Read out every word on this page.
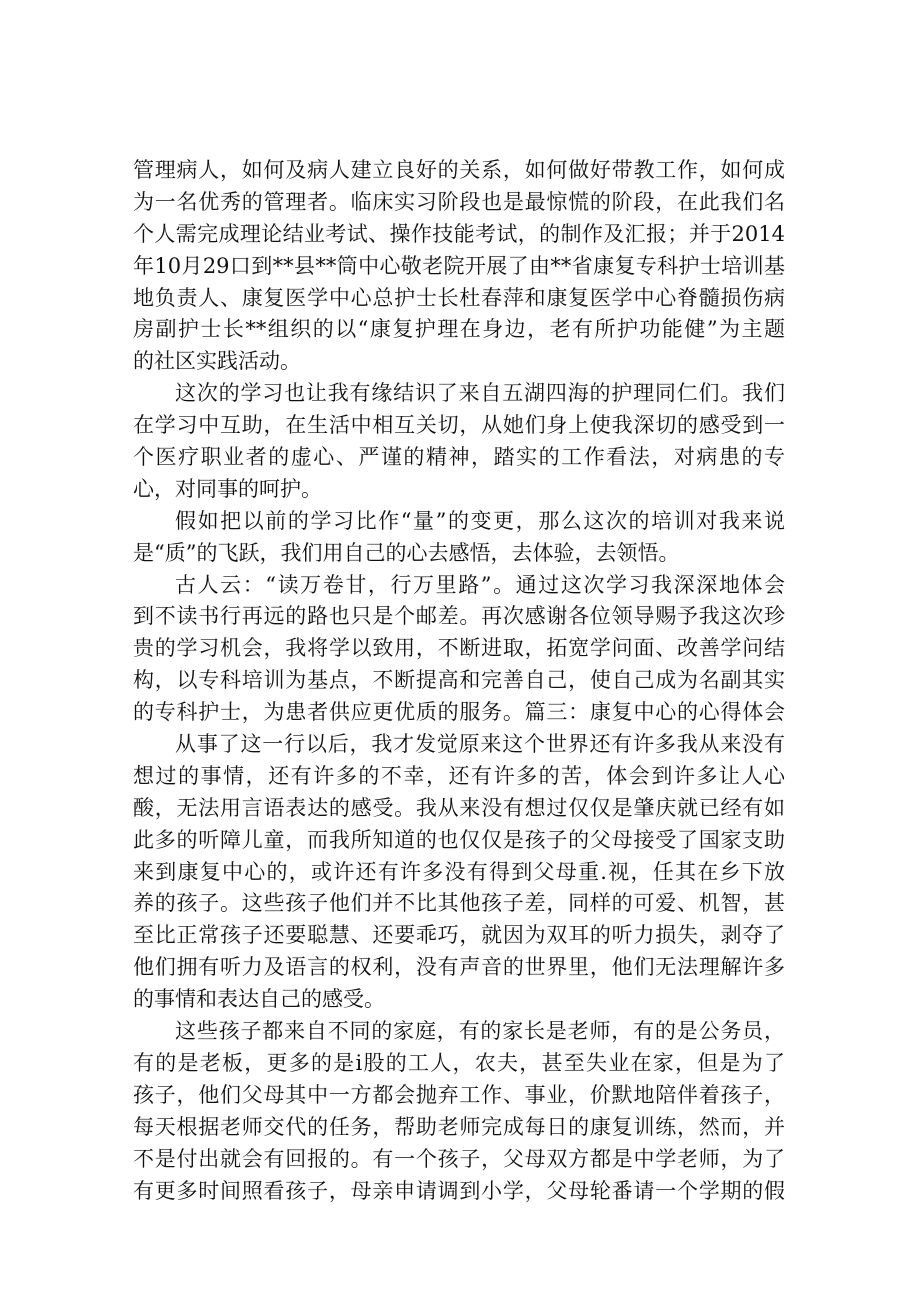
管理病人，如何及病人建立良好的关系，如何做好带教工作，如何成
为一名优秀的管理者。临床实习阶段也是最惊慌的阶段，在此我们名
个人需完成理论结业考试、操作技能考试，的制作及汇报；并于2014
年10月29口到**县**筒中心敬老院开展了由**省康复专科护士培训基
地负责人、康复医学中心总护士长杜春萍和康复医学中心脊髓损伤病
房副护士长**组织的以“康复护理在身边，老有所护功能健”为主题
的社区实践活动。
这次的学习也让我有缘结识了来自五湖四海的护理同仁们。我们
在学习中互助，在生活中相互关切，从她们身上使我深切的感受到一
个医疗职业者的虚心、严谨的精神，踏实的工作看法，对病患的专
心，对同事的呵护。
假如把以前的学习比作“量”的变更，那么这次的培训对我来说
是“质”的飞跃，我们用自己的心去感悟，去体验，去领悟。
古人云：“读万卷甘，行万里路”。通过这次学习我深深地体会
到不读书行再远的路也只是个邮差。再次感谢各位领导赐予我这次珍
贵的学习机会，我将学以致用，不断进取，拓宽学问面、改善学问结
构，以专科培训为基点，不断提高和完善自己，使自己成为名副其实
的专科护士，为患者供应更优质的服务。篇三：康复中心的心得体会
从事了这一行以后，我才发觉原来这个世界还有许多我从来没有
想过的事情，还有许多的不幸，还有许多的苦，体会到许多让人心
酸，无法用言语表达的感受。我从来没有想过仅仅是肇庆就已经有如
此多的听障儿童，而我所知道的也仅仅是孩子的父母接受了国家支助
来到康复中心的，或许还有许多没有得到父母重.视，任其在乡下放
养的孩子。这些孩子他们并不比其他孩子差，同样的可爱、机智，甚
至比正常孩子还要聪慧、还要乖巧，就因为双耳的听力损失，剥夺了
他们拥有听力及语言的权利，没有声音的世界里，他们无法理解许多
的事情和表达自己的感受。
这些孩子都来自不同的家庭，有的家长是老师，有的是公务员，
有的是老板，更多的是i股的工人，农夫，甚至失业在家，但是为了
孩子，他们父母其中一方都会抛弃工作、事业，价默地陪伴着孩子，
每天根据老师交代的任务，帮助老师完成每日的康复训练，然而，并
不是付出就会有回报的。有一个孩子，父母双方都是中学老师，为了
有更多时间照看孩子，母亲申请调到小学，父母轮番请一个学期的假
